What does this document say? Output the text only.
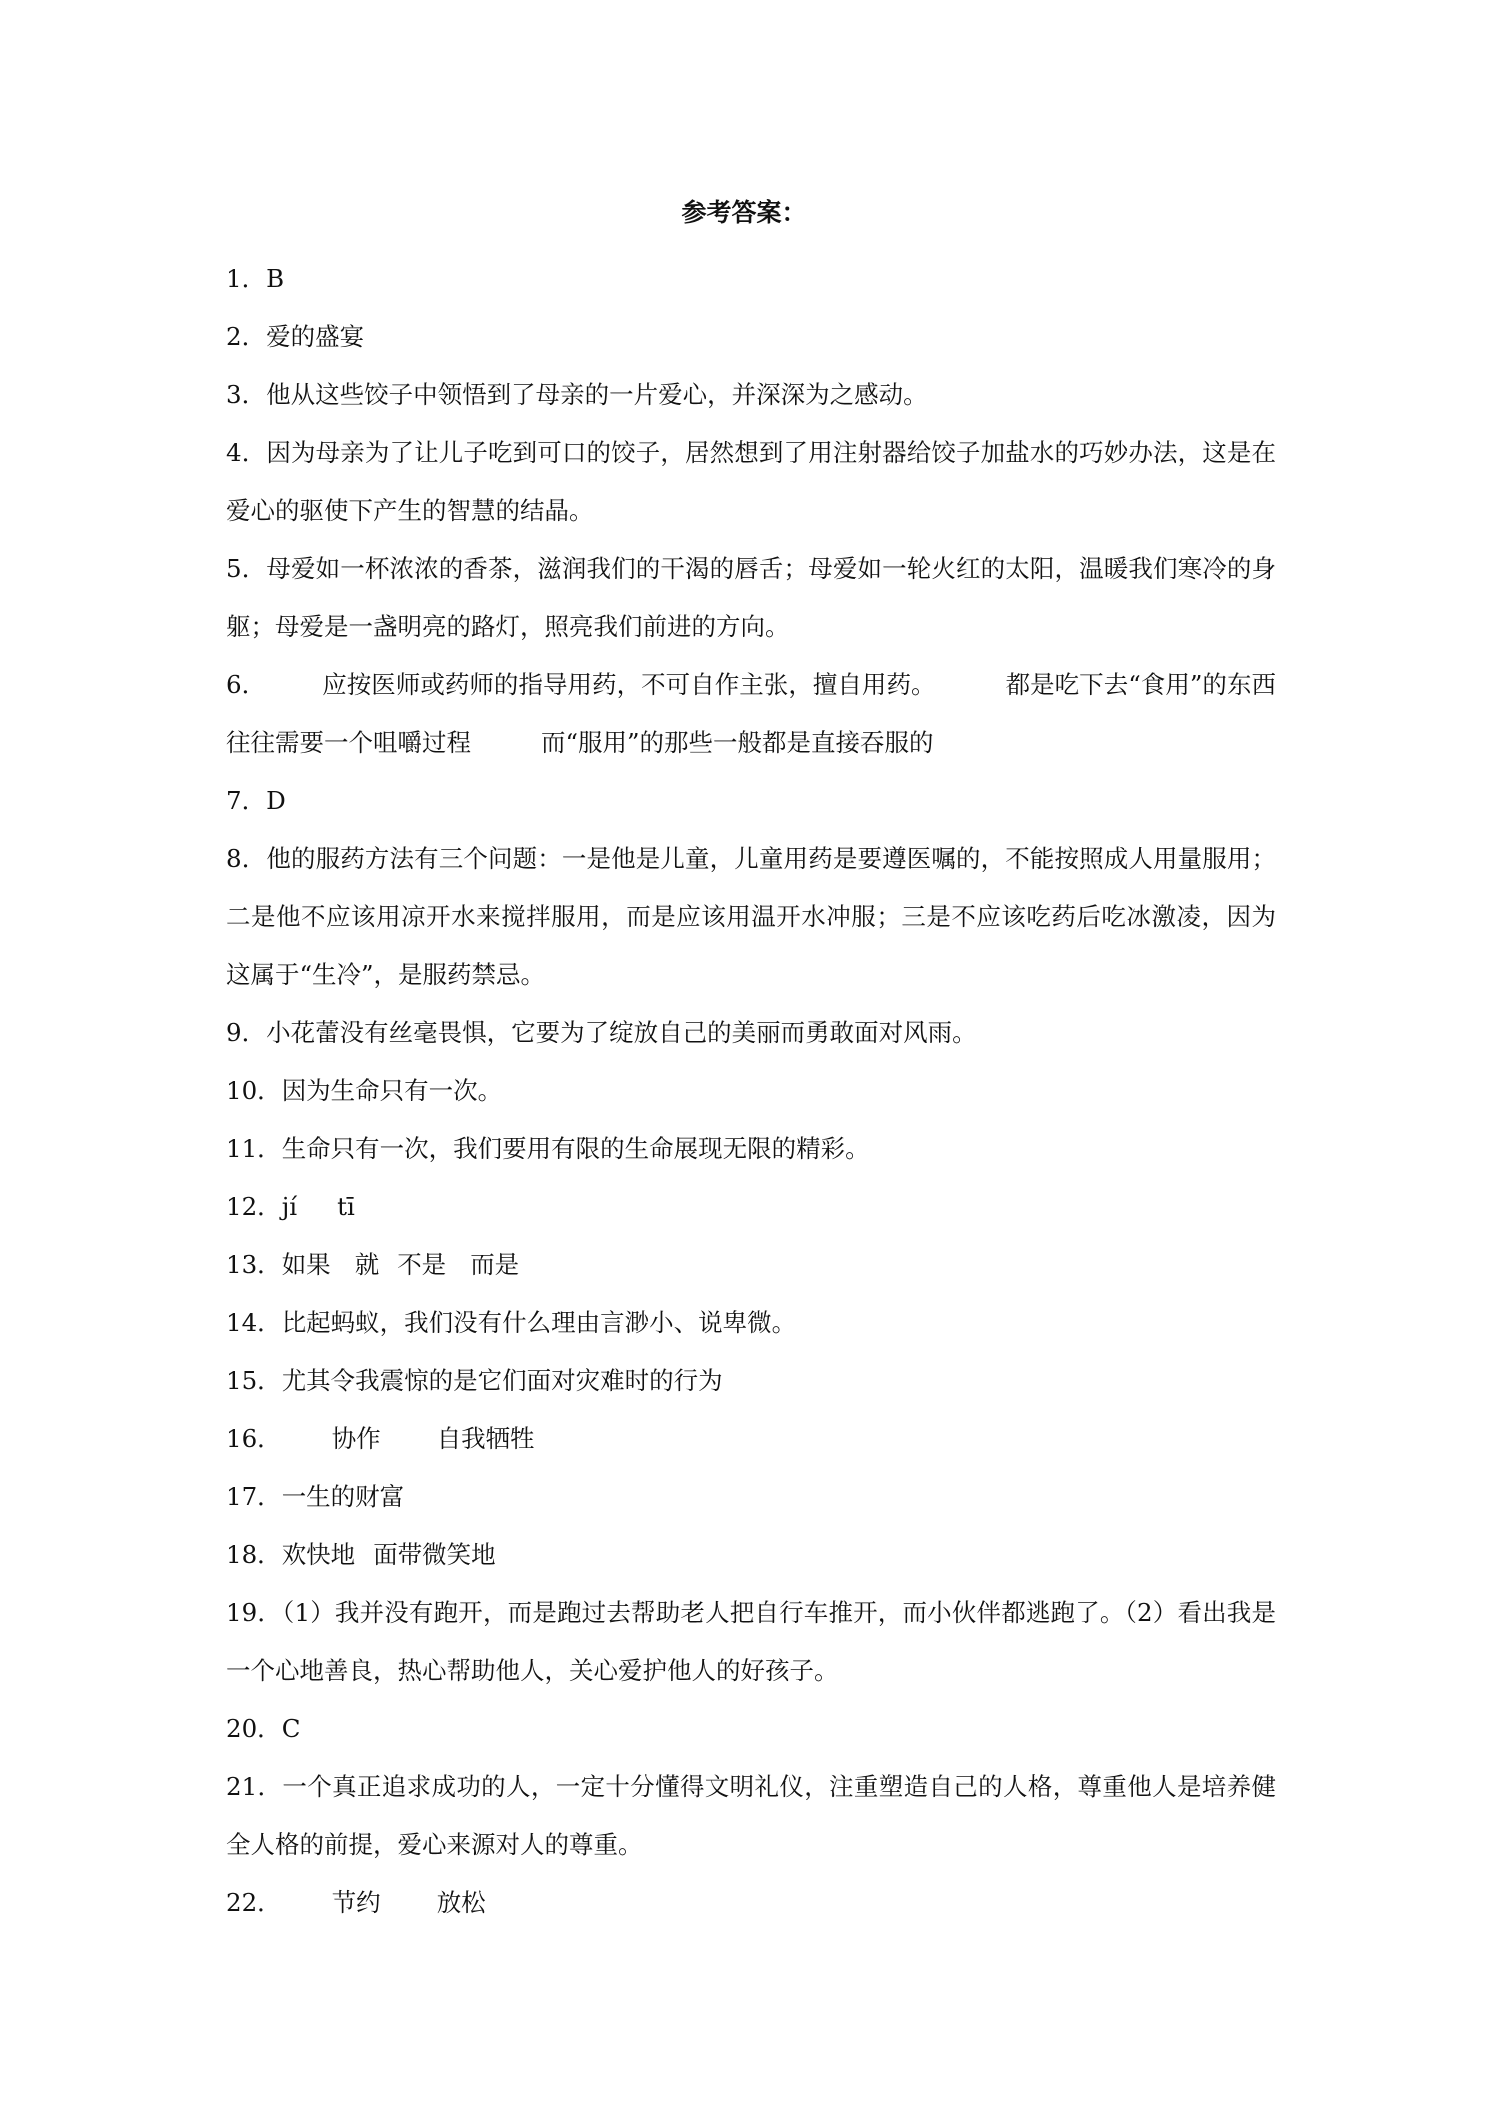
参考答案：
1．B
2．爱的盛宴
3．他从这些饺子中领悟到了母亲的一片爱心，并深深为之感动。
4．因为母亲为了让儿子吃到可口的饺子，居然想到了用注射器给饺子加盐水的巧妙办法，这是在爱心的驱使下产生的智慧的结晶。
5．母爱如一杯浓浓的香茶，滋润我们的干渴的唇舌；母爱如一轮火红的太阳，温暖我们寒冷的身躯；母爱是一盏明亮的路灯，照亮我们前进的方向。
6． 应按医师或药师的指导用药，不可自作主张，擅自用药。	都是吃下去“食用”的东西往往需要一个咀嚼过程	而“服用”的那些一般都是直接吞服的
7．D
8．他的服药方法有三个问题：一是他是儿童，儿童用药是要遵医嘱的，不能按照成人用量服用；二是他不应该用凉开水来搅拌服用，而是应该用温开水冲服；三是不应该吃药后吃冰激凌，因为这属于“生冷”，是服药禁忌。
9．小花蕾没有丝毫畏惧，它要为了绽放自己的美丽而勇敢面对风雨。
10．因为生命只有一次。
11．生命只有一次，我们要用有限的生命展现无限的精彩。
12．jí tī
13．如果 就 不是 而是
14．比起蚂蚁，我们没有什么理由言渺小、说卑微。
15．尤其令我震惊的是它们面对灾难时的行为
16． 协作 自我牺牲
17．一生的财富
18．欢快地 面带微笑地
19．（1）我并没有跑开，而是跑过去帮助老人把自行车推开，而小伙伴都逃跑了。（2）看出我是一个心地善良，热心帮助他人，关心爱护他人的好孩子。
20．C
21．一个真正追求成功的人，一定十分懂得文明礼仪，注重塑造自己的人格，尊重他人是培养健全人格的前提，爱心来源对人的尊重。
22． 节约 放松
